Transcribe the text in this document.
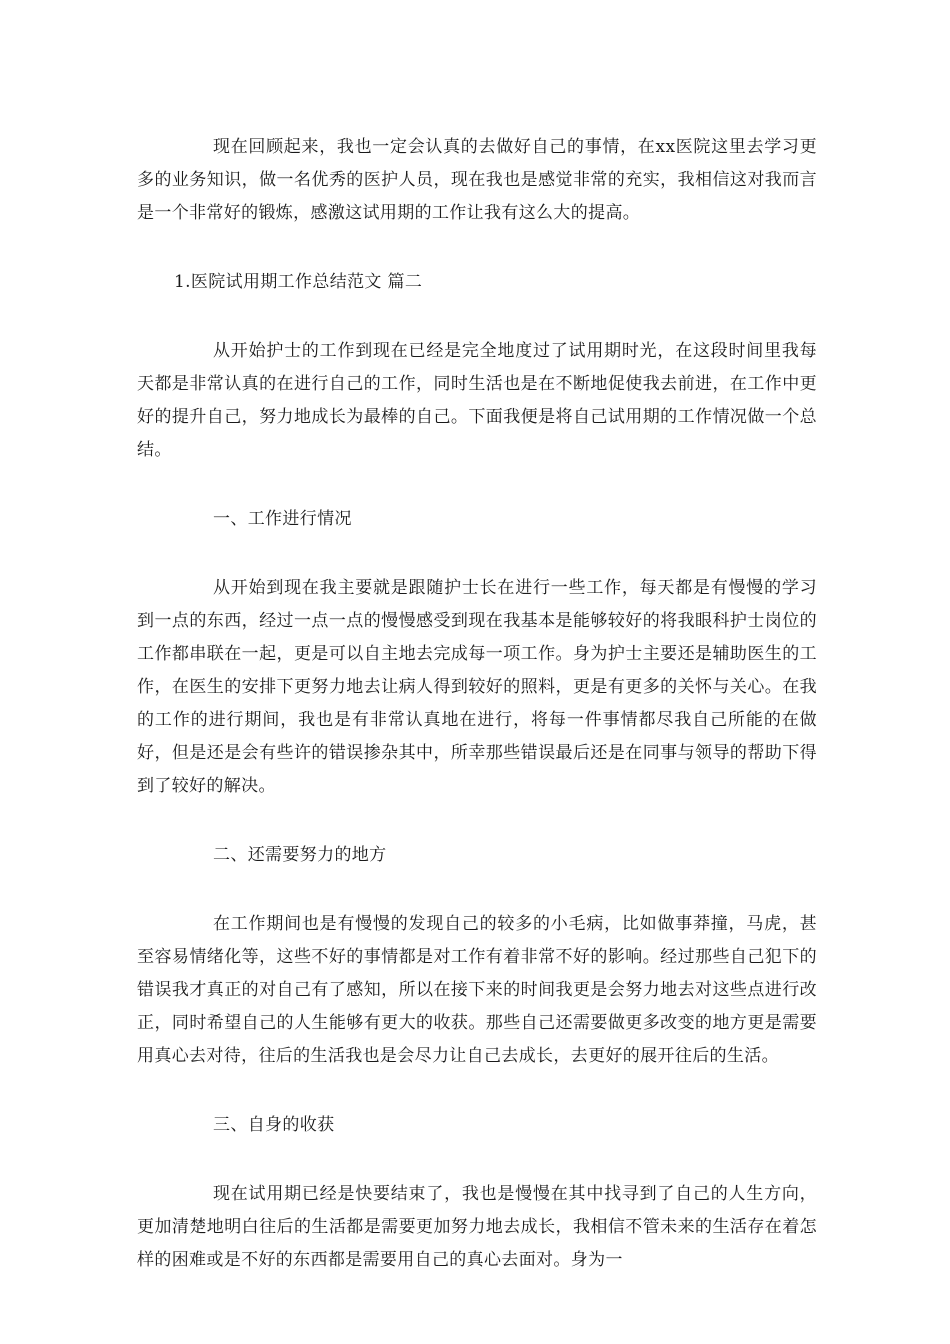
现在回顾起来，我也一定会认真的去做好自己的事情，在xx医院这里去学习更多的业务知识，做一名优秀的医护人员，现在我也是感觉非常的充实，我相信这对我而言是一个非常好的锻炼，感激这试用期的工作让我有这么大的提高。

1.医院试用期工作总结范文 篇二

从开始护士的工作到现在已经是完全地度过了试用期时光，在这段时间里我每天都是非常认真的在进行自己的工作，同时生活也是在不断地促使我去前进，在工作中更好的提升自己，努力地成长为最棒的自己。下面我便是将自己试用期的工作情况做一个总结。

一、工作进行情况

从开始到现在我主要就是跟随护士长在进行一些工作，每天都是有慢慢的学习到一点的东西，经过一点一点的慢慢感受到现在我基本是能够较好的将我眼科护士岗位的工作都串联在一起，更是可以自主地去完成每一项工作。身为护士主要还是辅助医生的工作，在医生的安排下更努力地去让病人得到较好的照料，更是有更多的关怀与关心。在我的工作的进行期间，我也是有非常认真地在进行，将每一件事情都尽我自己所能的在做好，但是还是会有些许的错误掺杂其中，所幸那些错误最后还是在同事与领导的帮助下得到了较好的解决。

二、还需要努力的地方

在工作期间也是有慢慢的发现自己的较多的小毛病，比如做事莽撞，马虎，甚至容易情绪化等，这些不好的事情都是对工作有着非常不好的影响。经过那些自己犯下的错误我才真正的对自己有了感知，所以在接下来的时间我更是会努力地去对这些点进行改正，同时希望自己的人生能够有更大的收获。那些自己还需要做更多改变的地方更是需要用真心去对待，往后的生活我也是会尽力让自己去成长，去更好的展开往后的生活。

三、自身的收获

现在试用期已经是快要结束了，我也是慢慢在其中找寻到了自己的人生方向，更加清楚地明白往后的生活都是需要更加努力地去成长，我相信不管未来的生活存在着怎样的困难或是不好的东西都是需要用自己的真心去面对。身为一
